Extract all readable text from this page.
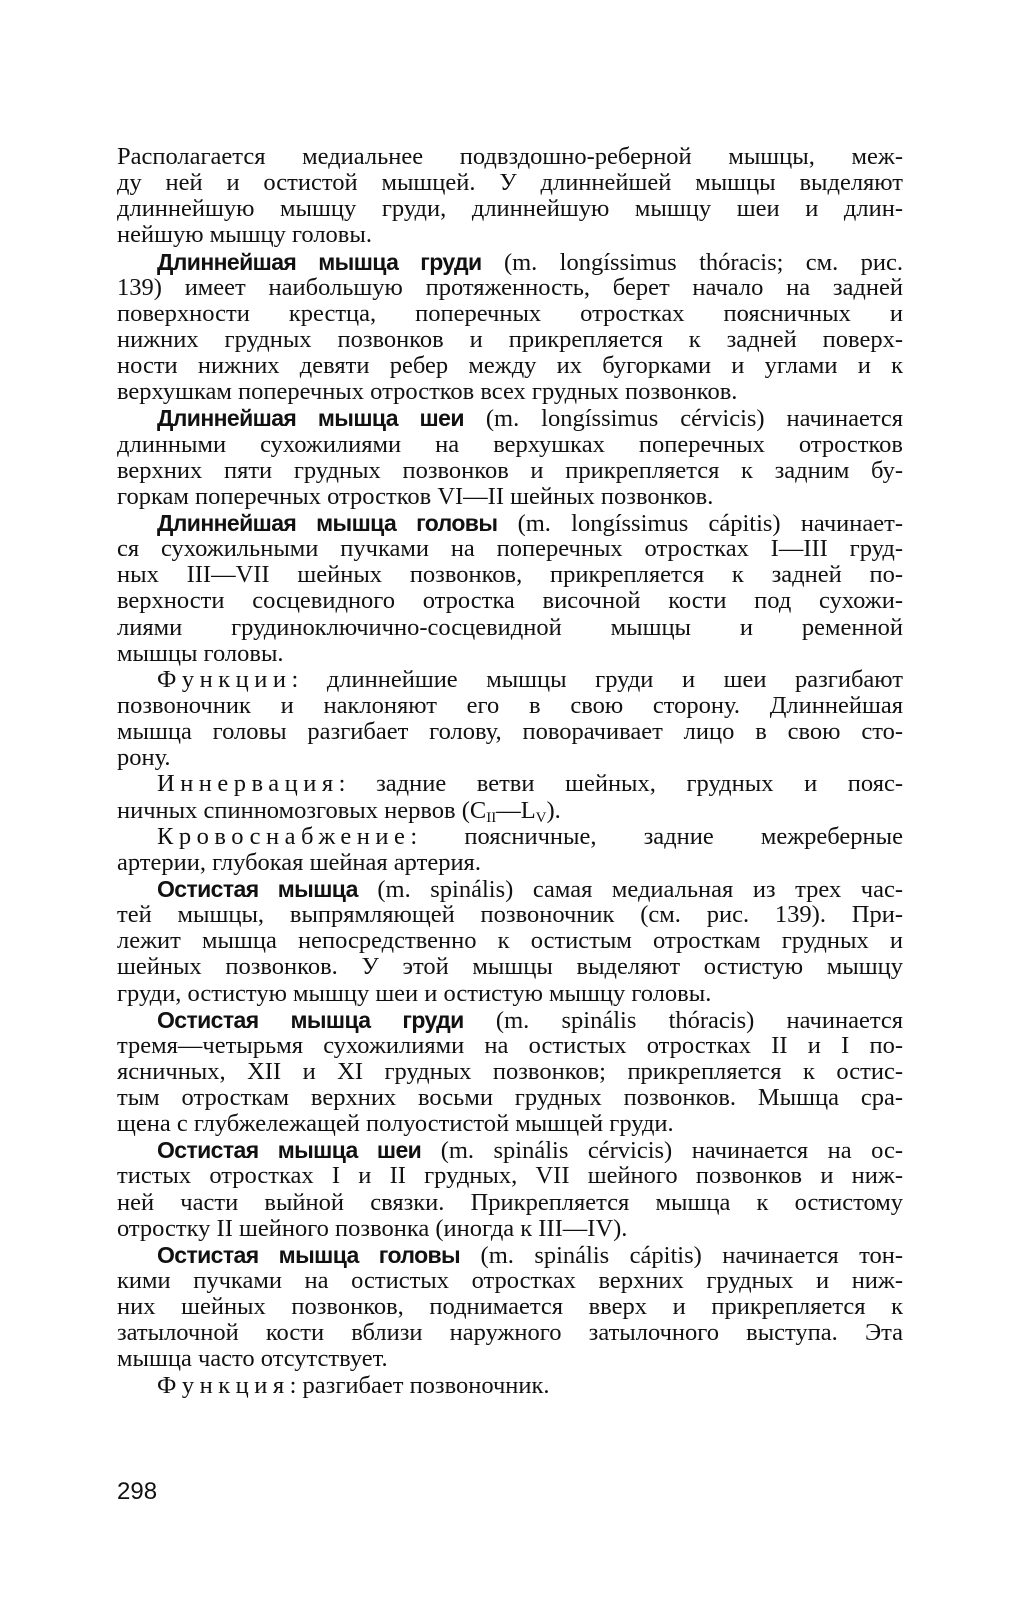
Располагается медиальнее подвздошно-реберной мышцы, меж-
ду ней и остистой мышцей. У длиннейшей мышцы выделяют
длиннейшую мышцу груди, длиннейшую мышцу шеи и длин-
нейшую мышцу головы.
Длиннейшая мышца груди (m. longíssimus thóracis; см. рис.
139) имеет наибольшую протяженность, берет начало на задней
поверхности крестца, поперечных отростках поясничных и
нижних грудных позвонков и прикрепляется к задней поверх-
ности нижних девяти ребер между их бугорками и углами и к
верхушкам поперечных отростков всех грудных позвонков.
Длиннейшая мышца шеи (m. longíssimus cérvicis) начинается
длинными сухожилиями на верхушках поперечных отростков
верхних пяти грудных позвонков и прикрепляется к задним бу-
горкам поперечных отростков VI—II шейных позвонков.
Длиннейшая мышца головы (m. longíssimus cápitis) начинает-
ся сухожильными пучками на поперечных отростках I—III груд-
ных III—VII шейных позвонков, прикрепляется к задней по-
верхности сосцевидного отростка височной кости под сухожи-
лиями грудиноключично-сосцевидной мышцы и ременной
мышцы головы.
Функции: длиннейшие мышцы груди и шеи разгибают
позвоночник и наклоняют его в свою сторону. Длиннейшая
мышца головы разгибает голову, поворачивает лицо в свою сто-
рону.
Иннервация: задние ветви шейных, грудных и пояс-
ничных спинномозговых нервов $(C_{II}—L_V)$.
Кровоснабжение: поясничные, задние межреберные
артерии, глубокая шейная артерия.
Остистая мышца (m. spinális) самая медиальная из трех час-
тей мышцы, выпрямляющей позвоночник (см. рис. 139). При-
лежит мышца непосредственно к остистым отросткам грудных и
шейных позвонков. У этой мышцы выделяют остистую мышцу
груди, остистую мышцу шеи и остистую мышцу головы.
Остистая мышца груди (m. spinális thóracis) начинается
тремя—четырьмя сухожилиями на остистых отростках II и I по-
ясничных, XII и XI грудных позвонков; прикрепляется к остис-
тым отросткам верхних восьми грудных позвонков. Мышца сра-
щена с глубжележащей полуостистой мышцей груди.
Остистая мышца шеи (m. spinális cérvicis) начинается на ос-
тистых отростках I и II грудных, VII шейного позвонков и ниж-
ней части выйной связки. Прикрепляется мышца к остистому
отростку II шейного позвонка (иногда к III—IV).
Остистая мышца головы (m. spinális cápitis) начинается тон-
кими пучками на остистых отростках верхних грудных и ниж-
них шейных позвонков, поднимается вверх и прикрепляется к
затылочной кости вблизи наружного затылочного выступа. Эта
мышца часто отсутствует.
Функция: разгибает позвоночник.
298
